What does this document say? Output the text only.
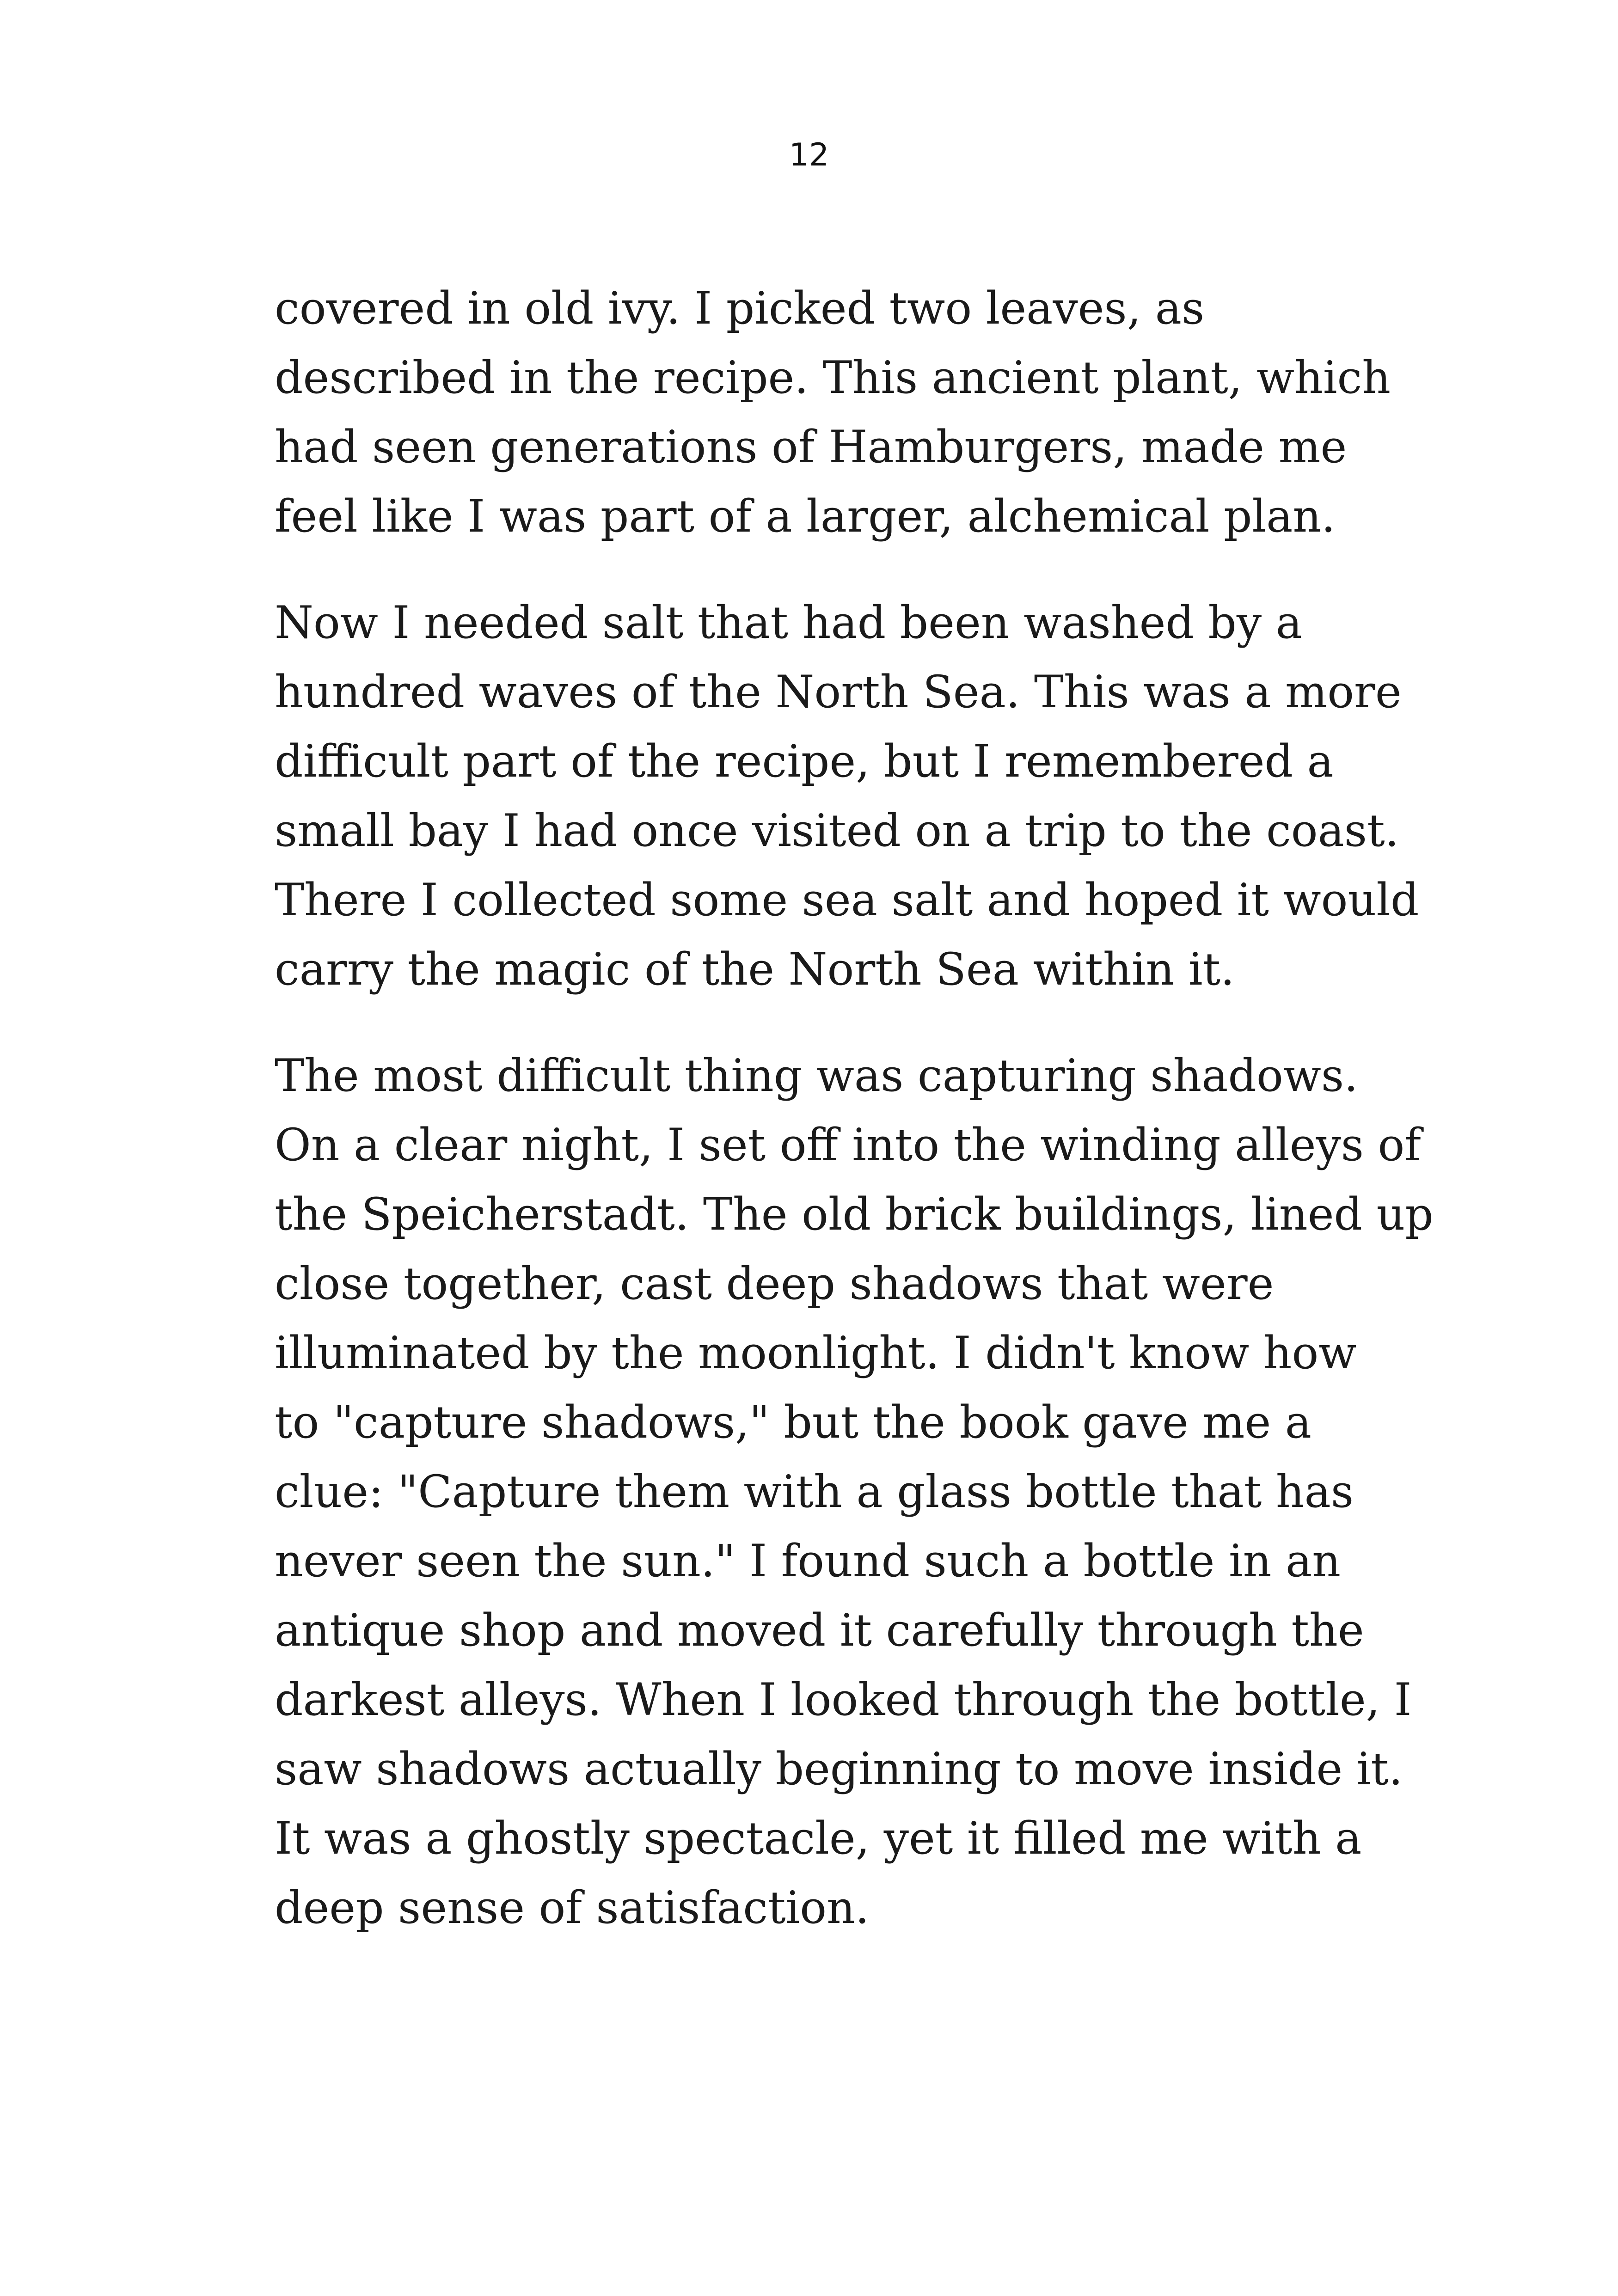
12

covered in old ivy. I picked two leaves, as
described in the recipe. This ancient plant, which
had seen generations of Hamburgers, made me
feel like I was part of a larger, alchemical plan.

Now I needed salt that had been washed by a
hundred waves of the North Sea. This was a more
difficult part of the recipe, but I remembered a
small bay I had once visited on a trip to the coast.
There I collected some sea salt and hoped it would
carry the magic of the North Sea within it.

The most difficult thing was capturing shadows.
On a clear night, I set off into the winding alleys of
the Speicherstadt. The old brick buildings, lined up
close together, cast deep shadows that were
illuminated by the moonlight. I didn't know how
to "capture shadows," but the book gave me a
clue: "Capture them with a glass bottle that has
never seen the sun." I found such a bottle in an
antique shop and moved it carefully through the
darkest alleys. When I looked through the bottle, I
saw shadows actually beginning to move inside it.
It was a ghostly spectacle, yet it filled me with a
deep sense of satisfaction.
